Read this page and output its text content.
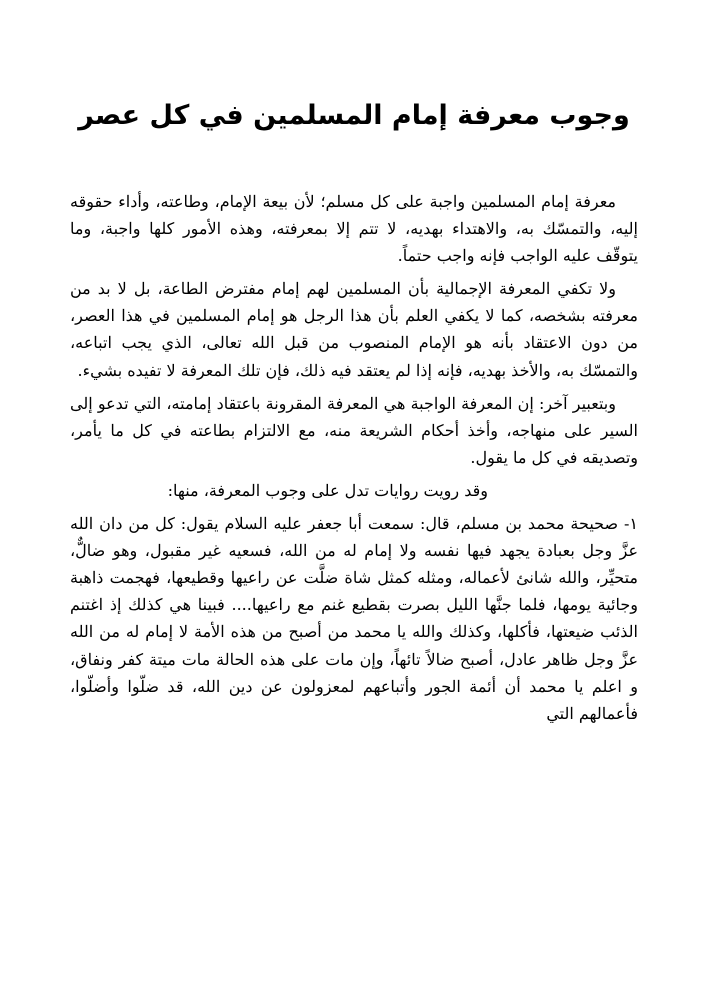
وجوب معرفة إمام المسلمين في كل عصر

معرفة إمام المسلمين واجبة على كل مسلم؛ لأن بيعة الإمام، وطاعته، وأداء حقوقه إليه، والتمسّك به، والاهتداء بهديه، لا تتم إلا بمعرفته، وهذه الأمور كلها واجبة، وما يتوقّف عليه الواجب فإنه واجب حتماً.

ولا تكفي المعرفة الإجمالية بأن المسلمين لهم إمام مفترض الطاعة، بل لا بد من معرفته بشخصه، كما لا يكفي العلم بأن هذا الرجل هو إمام المسلمين في هذا العصر، من دون الاعتقاد بأنه هو الإمام المنصوب من قبل الله تعالى، الذي يجب اتباعه، والتمسّك به، والأخذ بهديه، فإنه إذا لم يعتقد فيه ذلك، فإن تلك المعرفة لا تفيده بشيء.

وبتعبير آخر: إن المعرفة الواجبة هي المعرفة المقرونة باعتقاد إمامته، التي تدعو إلى السير على منهاجه، وأخذ أحكام الشريعة منه، مع الالتزام بطاعته في كل ما يأمر، وتصديقه في كل ما يقول.

وقد رويت روايات تدل على وجوب المعرفة، منها:

١- صحيحة محمد بن مسلم، قال: سمعت أبا جعفر عليه السلام يقول: كل من دان الله عزَّ وجل بعبادة يجهد فيها نفسه ولا إمام له من الله، فسعيه غير مقبول، وهو ضالٌّ، متحيِّر، والله شانئ لأعماله، ومثله كمثل شاة ضلَّت عن راعيها وقطيعها، فهجمت ذاهبة وجائية يومها، فلما جنَّها الليل بصرت بقطيع غنم مع راعيها.... فبينا هي كذلك إذ اغتنم الذئب ضيعتها، فأكلها، وكذلك والله يا محمد من أصبح من هذه الأمة لا إمام له من الله عزَّ وجل ظاهر عادل، أصبح ضالاً تائهاً، وإن مات على هذه الحالة مات ميتة كفر ونفاق، و اعلم يا محمد أن أئمة الجور وأتباعهم لمعزولون عن دين الله، قد ضلّوا وأضلّوا، فأعمالهم التي
